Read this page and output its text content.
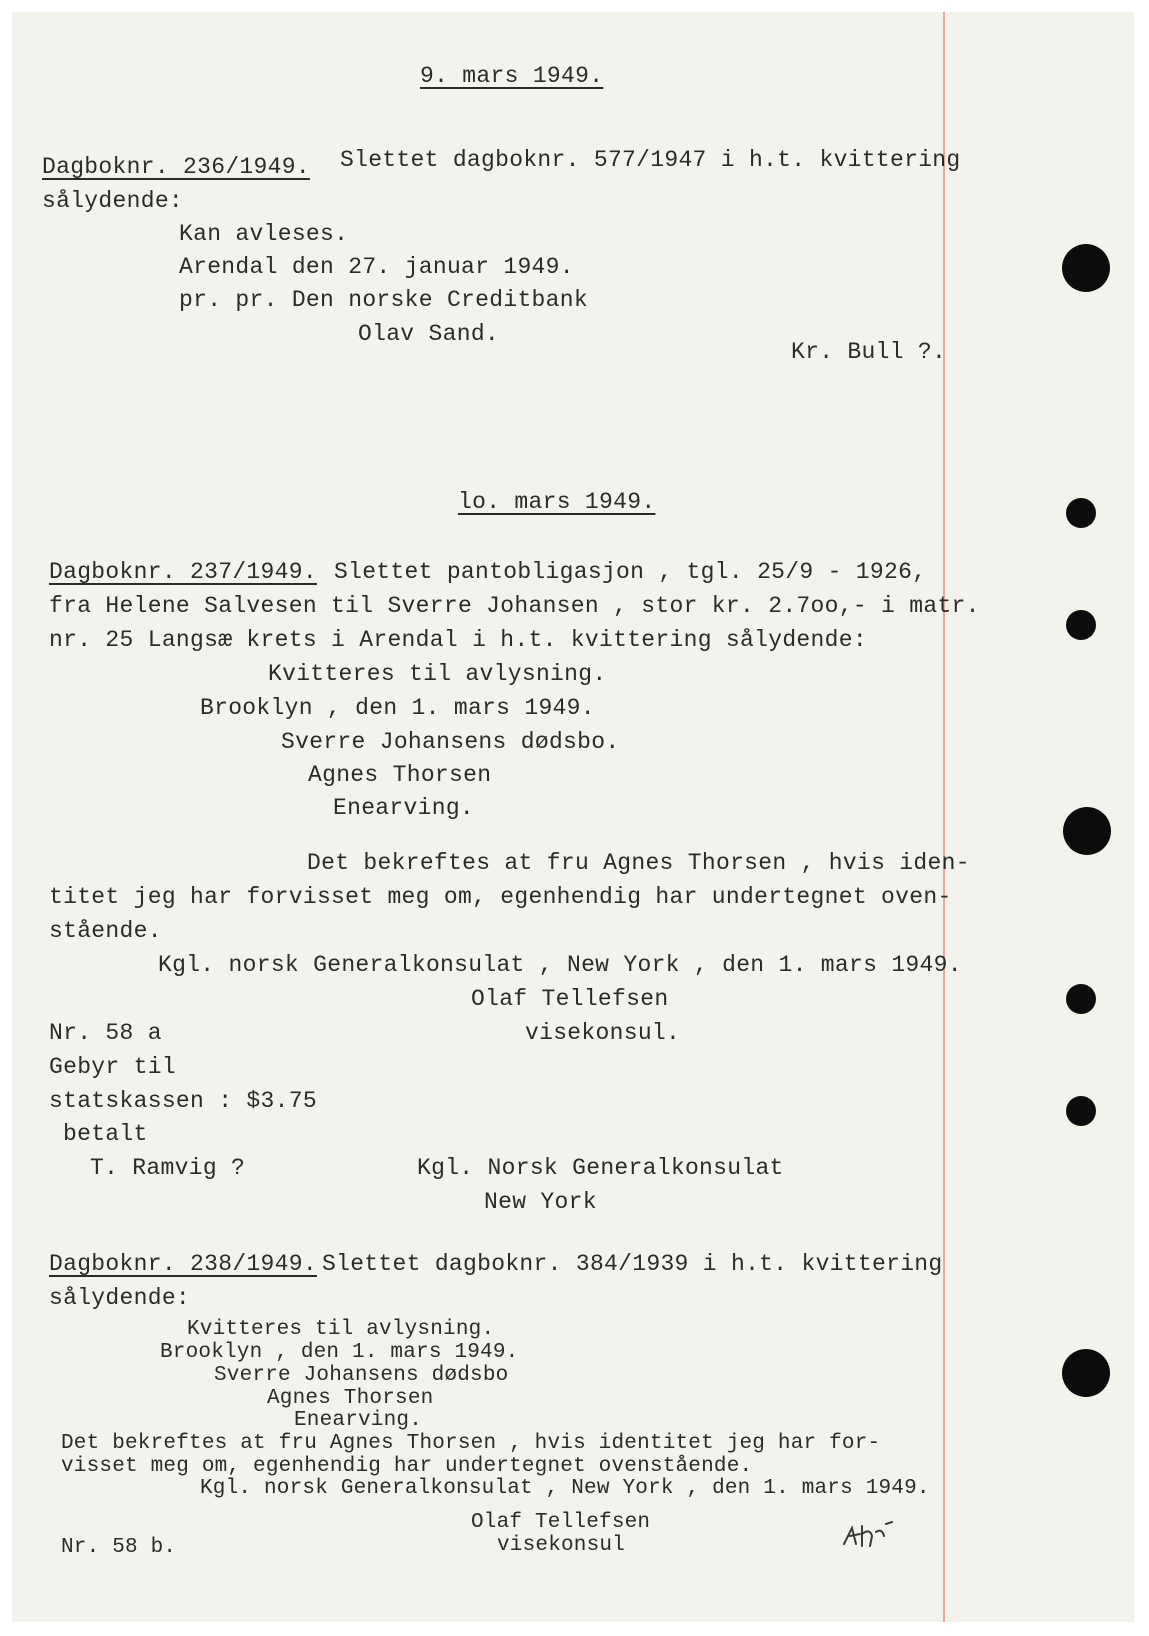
9. mars 1949.
Dagboknr. 236/1949. Slettet dagboknr. 577/1947 i h.t. kvittering
sålydende:
Kan avleses.
Arendal den 27. januar 1949.
pr. pr. Den norske Creditbank
Olav Sand.
Kr. Bull ?.
lo. mars 1949.
Dagboknr. 237/1949. Slettet pantobligasjon , tgl. 25/9 - 1926,
fra Helene Salvesen til Sverre Johansen , stor kr. 2.7oo,- i matr.
nr. 25 Langsæ krets i Arendal i h.t. kvittering sålydende:
Kvitteres til avlysning.
Brooklyn , den 1. mars 1949.
Sverre Johansens dødsbo.
Agnes Thorsen
Enearving.
Det bekreftes at fru Agnes Thorsen , hvis iden-
titet jeg har forvisset meg om, egenhendig har undertegnet oven-
stående.
Kgl. norsk Generalkonsulat , New York , den 1. mars 1949.
Olaf Tellefsen
visekonsul.
Nr. 58 a
Gebyr til
statskassen : $3.75
betalt
T. Ramvig ?	Kgl. Norsk Generalkonsulat
New York
Dagboknr. 238/1949. Slettet dagboknr. 384/1939 i h.t. kvittering
sålydende:
Kvitteres til avlysning.
Brooklyn , den 1. mars 1949.
Sverre Johansens dødsbo
Agnes Thorsen
Enearving.
Det bekreftes at fru Agnes Thorsen , hvis identitet jeg har for-
visset meg om, egenhendig har undertegnet ovenstående.
Kgl. norsk Generalkonsulat , New York , den 1. mars 1949.
Olaf Tellefsen
visekonsul
Nr. 58 b.
